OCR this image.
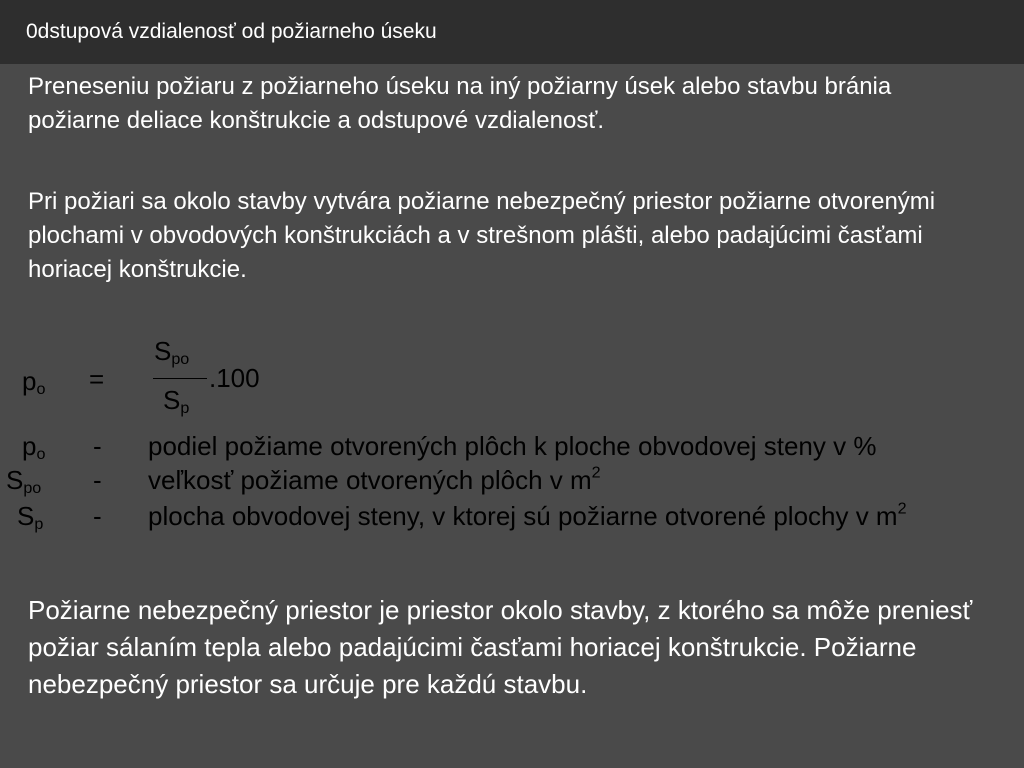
0dstupová vzdialenosť od požiarneho úseku

Preneseniu požiaru z požiarneho úseku na iný požiarny úsek alebo stavbu bránia požiarne deliace konštrukcie a odstupové vzdialenosť.

Pri požiari sa okolo stavby vytvára požiarne nebezpečný priestor požiarne otvorenými plochami v obvodových konštrukciách a v strešnom plášti, alebo padajúcimi časťami horiacej konštrukcie.

$p_o$ =
$S_{po}$
$S_p$
.100
$p_o$ - podiel požiame otvorených plôch k ploche obvodovej steny v %
$S_{po}$ - veľkosť požiame otvorených plôch v $m^2$
$S_p$ - plocha obvodovej steny, v ktorej sú požiarne otvorené plochy v $m^2$

Požiarne nebezpečný priestor je priestor okolo stavby, z ktorého sa môže preniesť požiar sálaním tepla alebo padajúcimi časťami horiacej konštrukcie. Požiarne nebezpečný priestor sa určuje pre každú stavbu.
